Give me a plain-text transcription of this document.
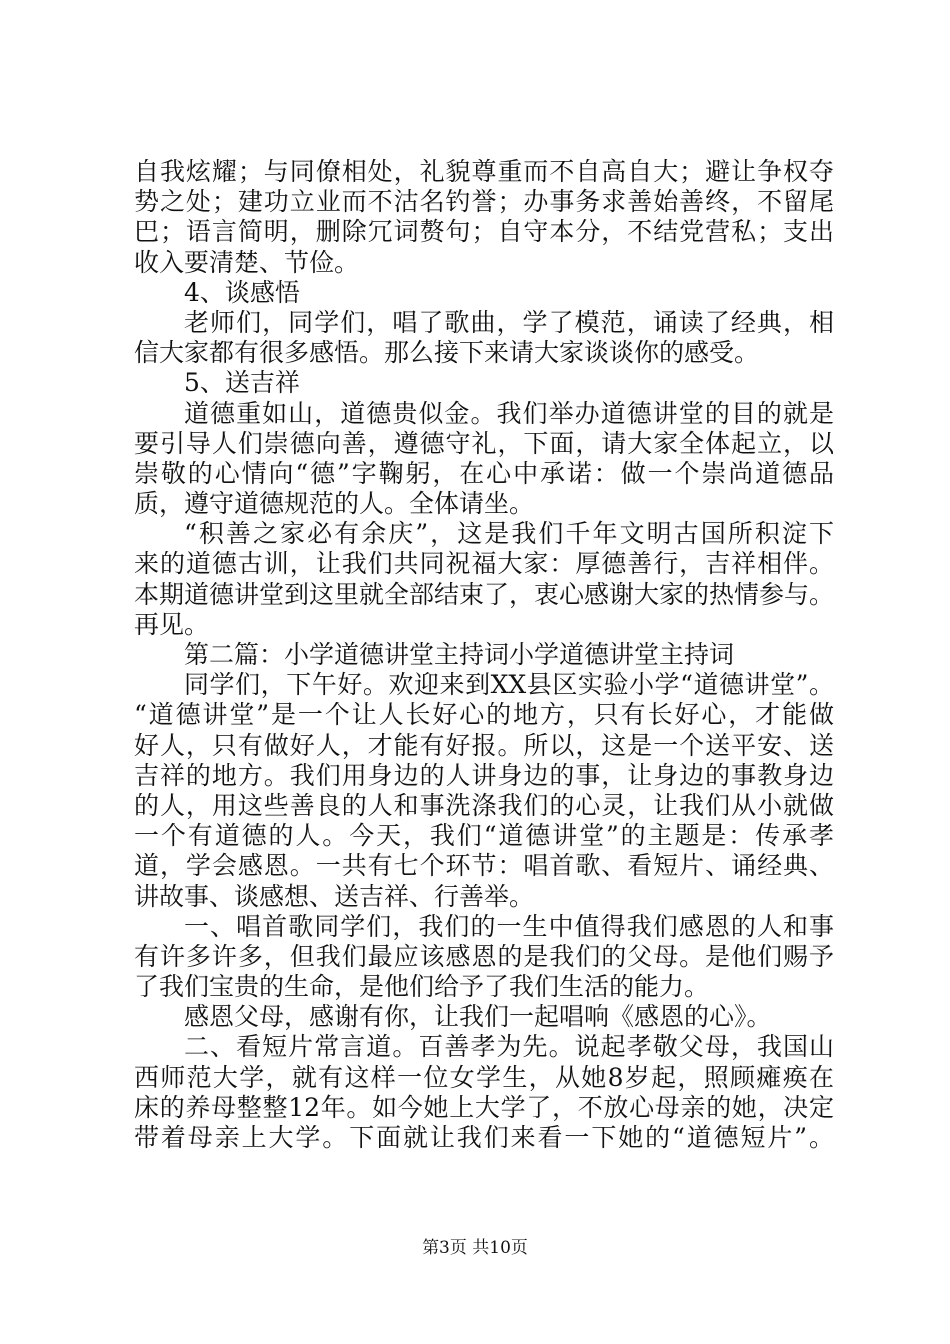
自我炫耀；与同僚相处，礼貌尊重而不自高自大；避让争权夺
势之处；建功立业而不沽名钓誉；办事务求善始善终，不留尾
巴；语言简明，删除冗词赘句；自守本分，不结党营私；支出
收入要清楚、节俭。
4、谈感悟
老师们，同学们，唱了歌曲，学了模范，诵读了经典，相
信大家都有很多感悟。那么接下来请大家谈谈你的感受。
5、送吉祥
道德重如山，道德贵似金。我们举办道德讲堂的目的就是
要引导人们崇德向善，遵德守礼，下面，请大家全体起立，以
崇敬的心情向“德”字鞠躬，在心中承诺：做一个崇尚道德品
质，遵守道德规范的人。全体请坐。
“积善之家必有余庆”，这是我们千年文明古国所积淀下
来的道德古训，让我们共同祝福大家：厚德善行，吉祥相伴。
本期道德讲堂到这里就全部结束了，衷心感谢大家的热情参与。
再见。
第二篇：小学道德讲堂主持词小学道德讲堂主持词
同学们，下午好。欢迎来到XX县区实验小学“道德讲堂”。
“道德讲堂”是一个让人长好心的地方，只有长好心，才能做
好人，只有做好人，才能有好报。所以，这是一个送平安、送
吉祥的地方。我们用身边的人讲身边的事，让身边的事教身边
的人，用这些善良的人和事洗涤我们的心灵，让我们从小就做
一个有道德的人。今天，我们“道德讲堂”的主题是：传承孝
道，学会感恩。一共有七个环节：唱首歌、看短片、诵经典、
讲故事、谈感想、送吉祥、行善举。
一、唱首歌同学们，我们的一生中值得我们感恩的人和事
有许多许多，但我们最应该感恩的是我们的父母。是他们赐予
了我们宝贵的生命，是他们给予了我们生活的能力。
感恩父母，感谢有你，让我们一起唱响《感恩的心》。
二、看短片常言道。百善孝为先。说起孝敬父母，我国山
西师范大学，就有这样一位女学生，从她8岁起，照顾瘫痪在
床的养母整整12年。如今她上大学了，不放心母亲的她，决定
带着母亲上大学。下面就让我们来看一下她的“道德短片”。
第3页 共10页
